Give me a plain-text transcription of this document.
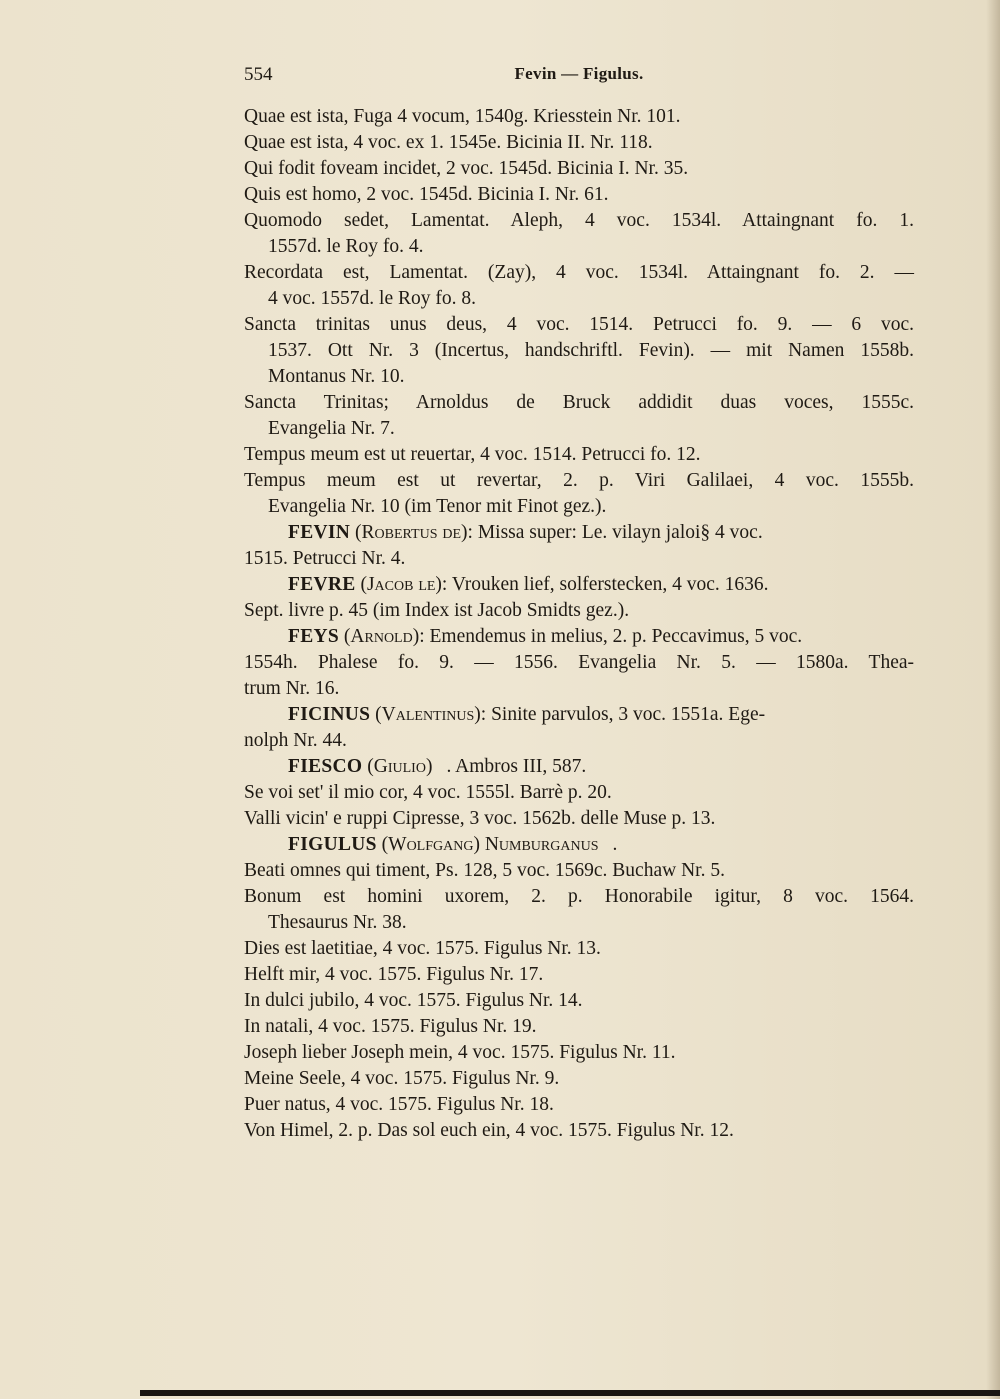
554	Fevin — Figulus.
Quae est ista, Fuga 4 vocum, 1540g. Kriesstein Nr. 101.
Quae est ista, 4 voc. ex 1. 1545e. Bicinia II. Nr. 118.
Qui fodit foveam incidet, 2 voc. 1545d. Bicinia I. Nr. 35.
Quis est homo, 2 voc. 1545d. Bicinia I. Nr. 61.
Quomodo sedet, Lamentat. Aleph, 4 voc. 1534l. Attaingnant fo. 1.
1557d. le Roy fo. 4.
Recordata est, Lamentat. (Zay), 4 voc. 1534l. Attaingnant fo. 2. —
4 voc. 1557d. le Roy fo. 8.
Sancta trinitas unus deus, 4 voc. 1514. Petrucci fo. 9. — 6 voc.
1537. Ott Nr. 3 (Incertus, handschriftl. Fevin). — mit Namen 1558b.
Montanus Nr. 10.
Sancta Trinitas; Arnoldus de Bruck addidit duas voces, 1555c.
Evangelia Nr. 7.
Tempus meum est ut reuertar, 4 voc. 1514. Petrucci fo. 12.
Tempus meum est ut revertar, 2. p. Viri Galilaei, 4 voc. 1555b.
Evangelia Nr. 10 (im Tenor mit Finot gez.).
FEVIN (Robertus de): Missa super: Le. vilayn jaloi§ 4 voc.
1515. Petrucci Nr. 4.
FEVRE (Jacob le): Vrouken lief, solferstecken, 4 voc. 1636.
Sept. livre p. 45 (im Index ist Jacob Smidts gez.).
FEYS (Arnold): Emendemus in melius, 2. p. Peccavimus, 5 voc.
1554h. Phalese fo. 9. — 1556. Evangelia Nr. 5. — 1580a. Thea-
trum Nr. 16.
FICINUS (Valentinus): Sinite parvulos, 3 voc. 1551a. Ege-
nolph Nr. 44.
FIESCO (Giulio) . Ambros III, 587.
Se voi set' il mio cor, 4 voc. 1555l. Barrè p. 20.
Valli vicin' e ruppi Cipresse, 3 voc. 1562b. delle Muse p. 13.
FIGULUS (Wolfgang) Numburganus .
Beati omnes qui timent, Ps. 128, 5 voc. 1569c. Buchaw Nr. 5.
Bonum est homini uxorem, 2. p. Honorabile igitur, 8 voc. 1564.
Thesaurus Nr. 38.
Dies est laetitiae, 4 voc. 1575. Figulus Nr. 13.
Helft mir, 4 voc. 1575. Figulus Nr. 17.
In dulci jubilo, 4 voc. 1575. Figulus Nr. 14.
In natali, 4 voc. 1575. Figulus Nr. 19.
Joseph lieber Joseph mein, 4 voc. 1575. Figulus Nr. 11.
Meine Seele, 4 voc. 1575. Figulus Nr. 9.
Puer natus, 4 voc. 1575. Figulus Nr. 18.
Von Himel, 2. p. Das sol euch ein, 4 voc. 1575. Figulus Nr. 12.
